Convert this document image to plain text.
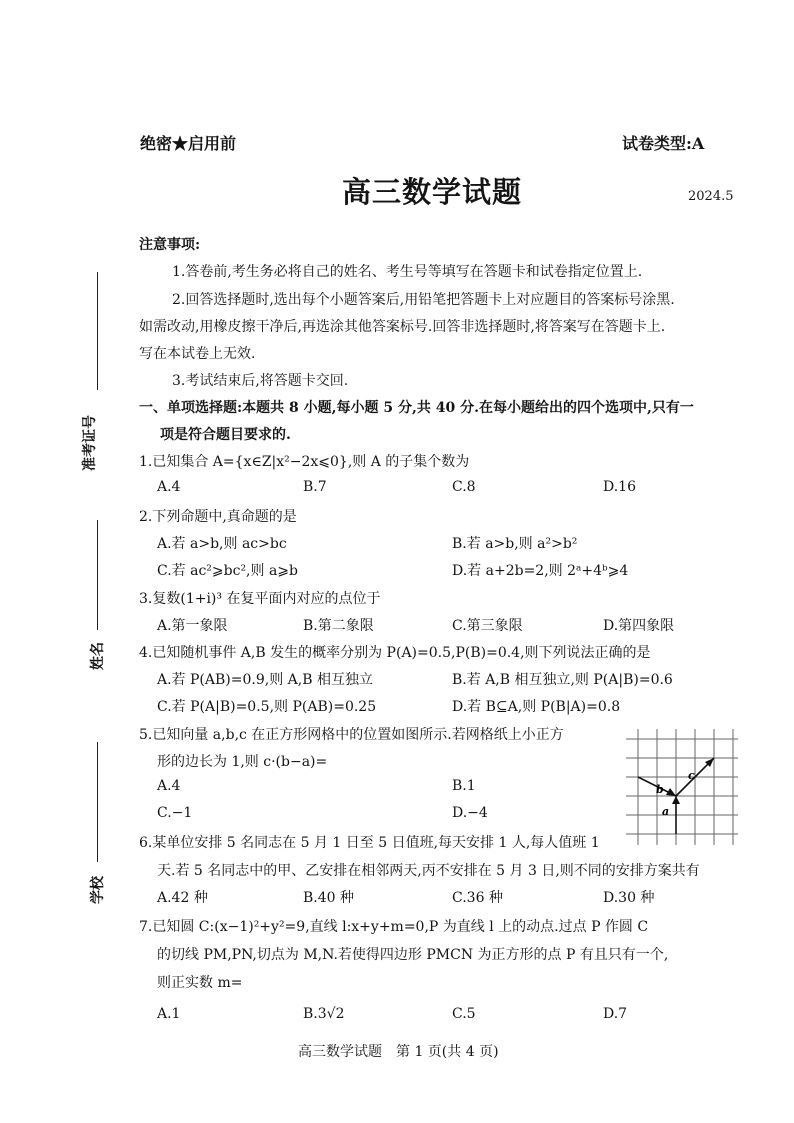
绝密★启用前	试卷类型:A
高三数学试题	2024.5
准考证号
姓名
学校
注意事项:
1.答卷前,考生务必将自己的姓名、考生号等填写在答题卡和试卷指定位置上.
2.回答选择题时,选出每个小题答案后,用铅笔把答题卡上对应题目的答案标号涂黑.
如需改动,用橡皮擦干净后,再选涂其他答案标号.回答非选择题时,将答案写在答题卡上.
写在本试卷上无效.
3.考试结束后,将答题卡交回.
一、单项选择题:本题共 8 小题,每小题 5 分,共 40 分.在每小题给出的四个选项中,只有一
项是符合题目要求的.
1.已知集合 A={x∈Z|x²−2x⩽0},则 A 的子集个数为
A.4	B.7	C.8	D.16
2.下列命题中,真命题的是
A.若 a>b,则 ac>bc	B.若 a>b,则 a²>b²
C.若 ac²⩾bc²,则 a⩾b	D.若 a+2b=2,则 2ᵃ+4ᵇ⩾4
3.复数(1+i)³ 在复平面内对应的点位于
A.第一象限	B.第二象限	C.第三象限	D.第四象限
4.已知随机事件 A,B 发生的概率分别为 P(A)=0.5,P(B)=0.4,则下列说法正确的是
A.若 P(AB)=0.9,则 A,B 相互独立	B.若 A,B 相互独立,则 P(A|B)=0.6
C.若 P(A|B)=0.5,则 P(AB)=0.25	D.若 B⊆A,则 P(B|A)=0.8
5.已知向量 a,b,c 在正方形网格中的位置如图所示.若网格纸上小正方
形的边长为 1,则 c·(b−a)=
A.4	B.1
C.−1	D.−4	a
b
c
6.某单位安排 5 名同志在 5 月 1 日至 5 日值班,每天安排 1 人,每人值班 1
天.若 5 名同志中的甲、乙安排在相邻两天,丙不安排在 5 月 3 日,则不同的安排方案共有
A.42 种	B.40 种	C.36 种	D.30 种
7.已知圆 C:(x−1)²+y²=9,直线 l:x+y+m=0,P 为直线 l 上的动点.过点 P 作圆 C
的切线 PM,PN,切点为 M,N.若使得四边形 PMCN 为正方形的点 P 有且只有一个,
则正实数 m=
A.1	B.3√2	C.5	D.7
高三数学试题　第 1 页(共 4 页)
